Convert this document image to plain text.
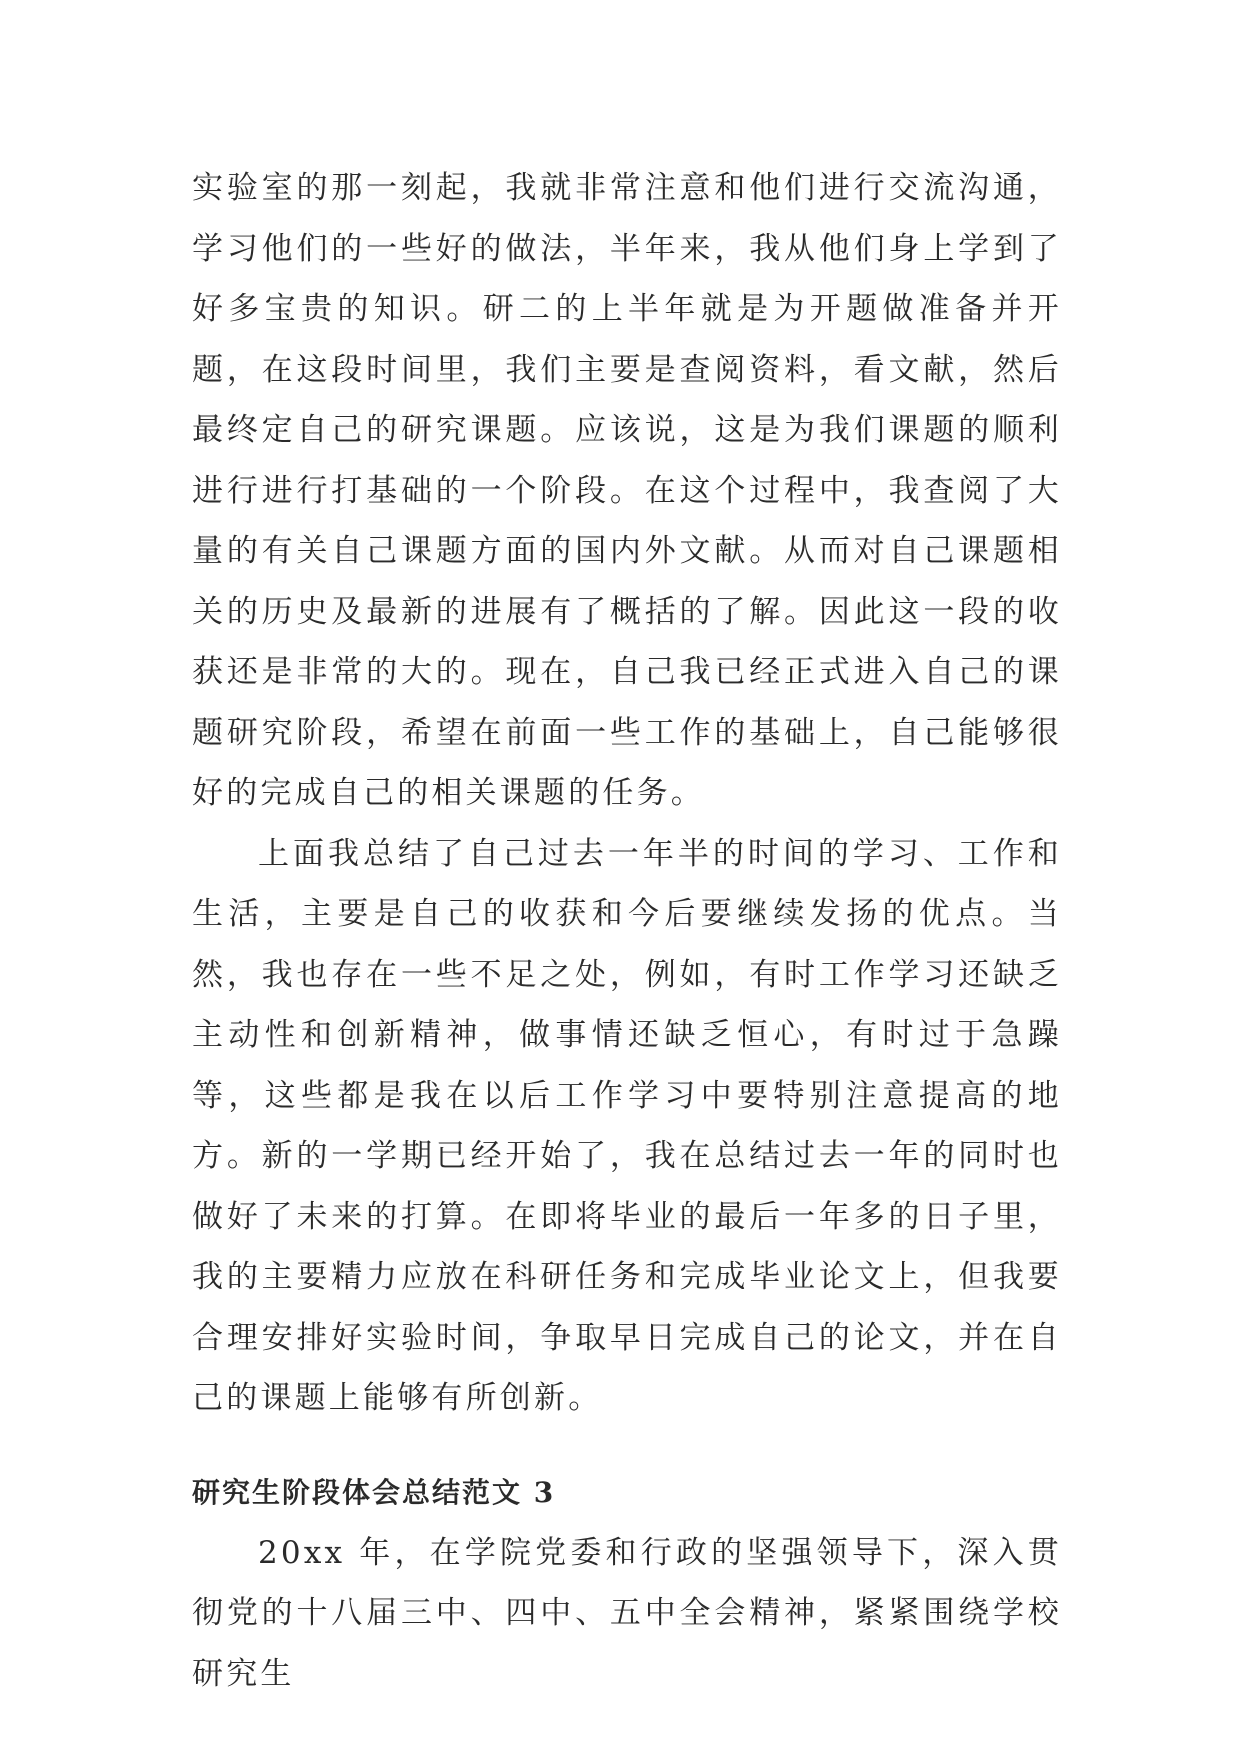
实验室的那一刻起，我就非常注意和他们进行交流沟通，学习他们的一些好的做法，半年来，我从他们身上学到了好多宝贵的知识。研二的上半年就是为开题做准备并开题，在这段时间里，我们主要是查阅资料，看文献，然后最终定自己的研究课题。应该说，这是为我们课题的顺利进行进行打基础的一个阶段。在这个过程中，我查阅了大量的有关自己课题方面的国内外文献。从而对自己课题相关的历史及最新的进展有了概括的了解。因此这一段的收获还是非常的大的。现在，自己我已经正式进入自己的课题研究阶段，希望在前面一些工作的基础上，自己能够很好的完成自己的相关课题的任务。

上面我总结了自己过去一年半的时间的学习、工作和生活，主要是自己的收获和今后要继续发扬的优点。当然，我也存在一些不足之处，例如，有时工作学习还缺乏主动性和创新精神，做事情还缺乏恒心，有时过于急躁等，这些都是我在以后工作学习中要特别注意提高的地方。新的一学期已经开始了，我在总结过去一年的同时也做好了未来的打算。在即将毕业的最后一年多的日子里，我的主要精力应放在科研任务和完成毕业论文上，但我要合理安排好实验时间，争取早日完成自己的论文，并在自己的课题上能够有所创新。

研究生阶段体会总结范文 3

20xx 年，在学院党委和行政的坚强领导下，深入贯彻党的十八届三中、四中、五中全会精神，紧紧围绕学校研究生
